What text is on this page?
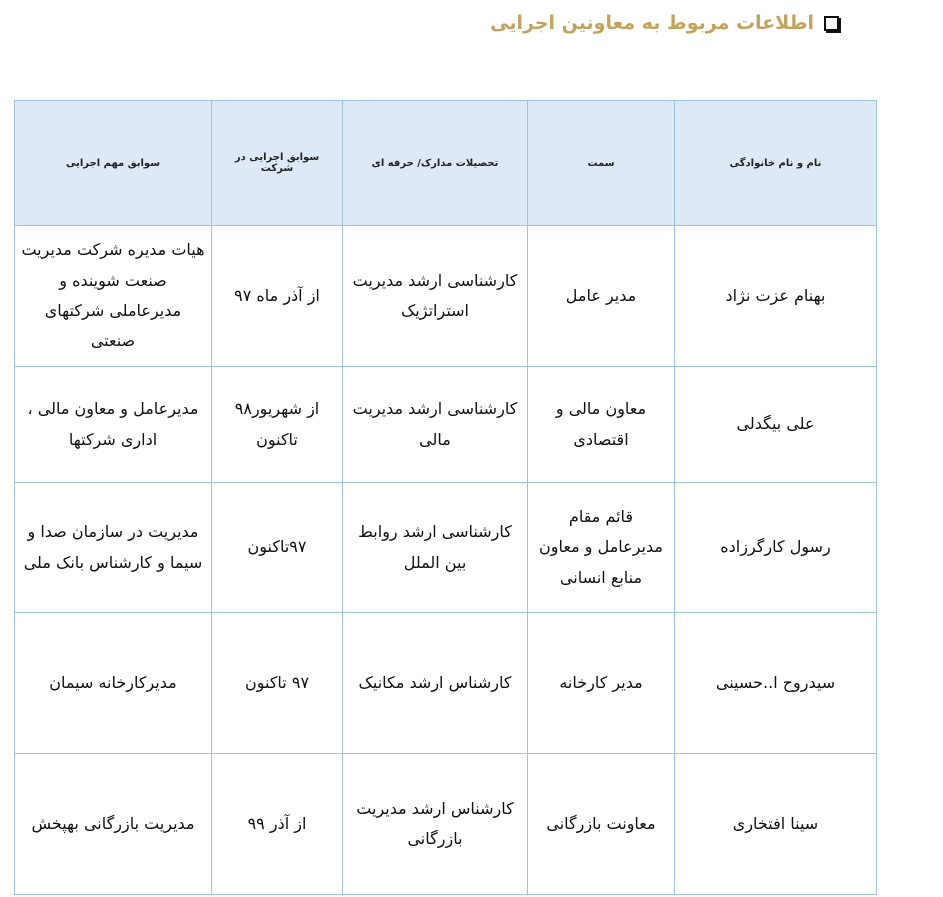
اطلاعات مربوط به معاونین اجرایی
نام و نام خانوادگی	سمت	تحصیلات مدارک/ حرفه ای	سوابق اجرایی در شرکت	سوابق مهم اجرایی
بهنام عزت نژاد	مدیر عامل	کارشناسی ارشد مدیریت استراتژیک	از آذر ماه ۹۷	هیات مدیره شرکت مدیریت صنعت شوینده و مدیرعاملی شرکتهای صنعتی
علی بیگدلی	معاون مالی و اقتصادی	کارشناسی ارشد مدیریت مالی	از شهریور۹۸ تاکنون	مدیرعامل و معاون مالی ، اداری شرکتها
رسول کارگرزاده	قائم مقام مدیرعامل و معاون منابع انسانی	کارشناسی ارشد روابط بین الملل	۹۷تاکنون	مدیریت در سازمان صدا و سیما و کارشناس بانک ملی
سیدروح ا..حسینی	مدیر کارخانه	کارشناس ارشد مکانیک	۹۷ تاکنون	مدیرکارخانه سیمان
سینا افتخاری	معاونت بازرگانی	کارشناس ارشد مدیریت بازرگانی	از آذر ۹۹	مدیریت بازرگانی بهپخش
